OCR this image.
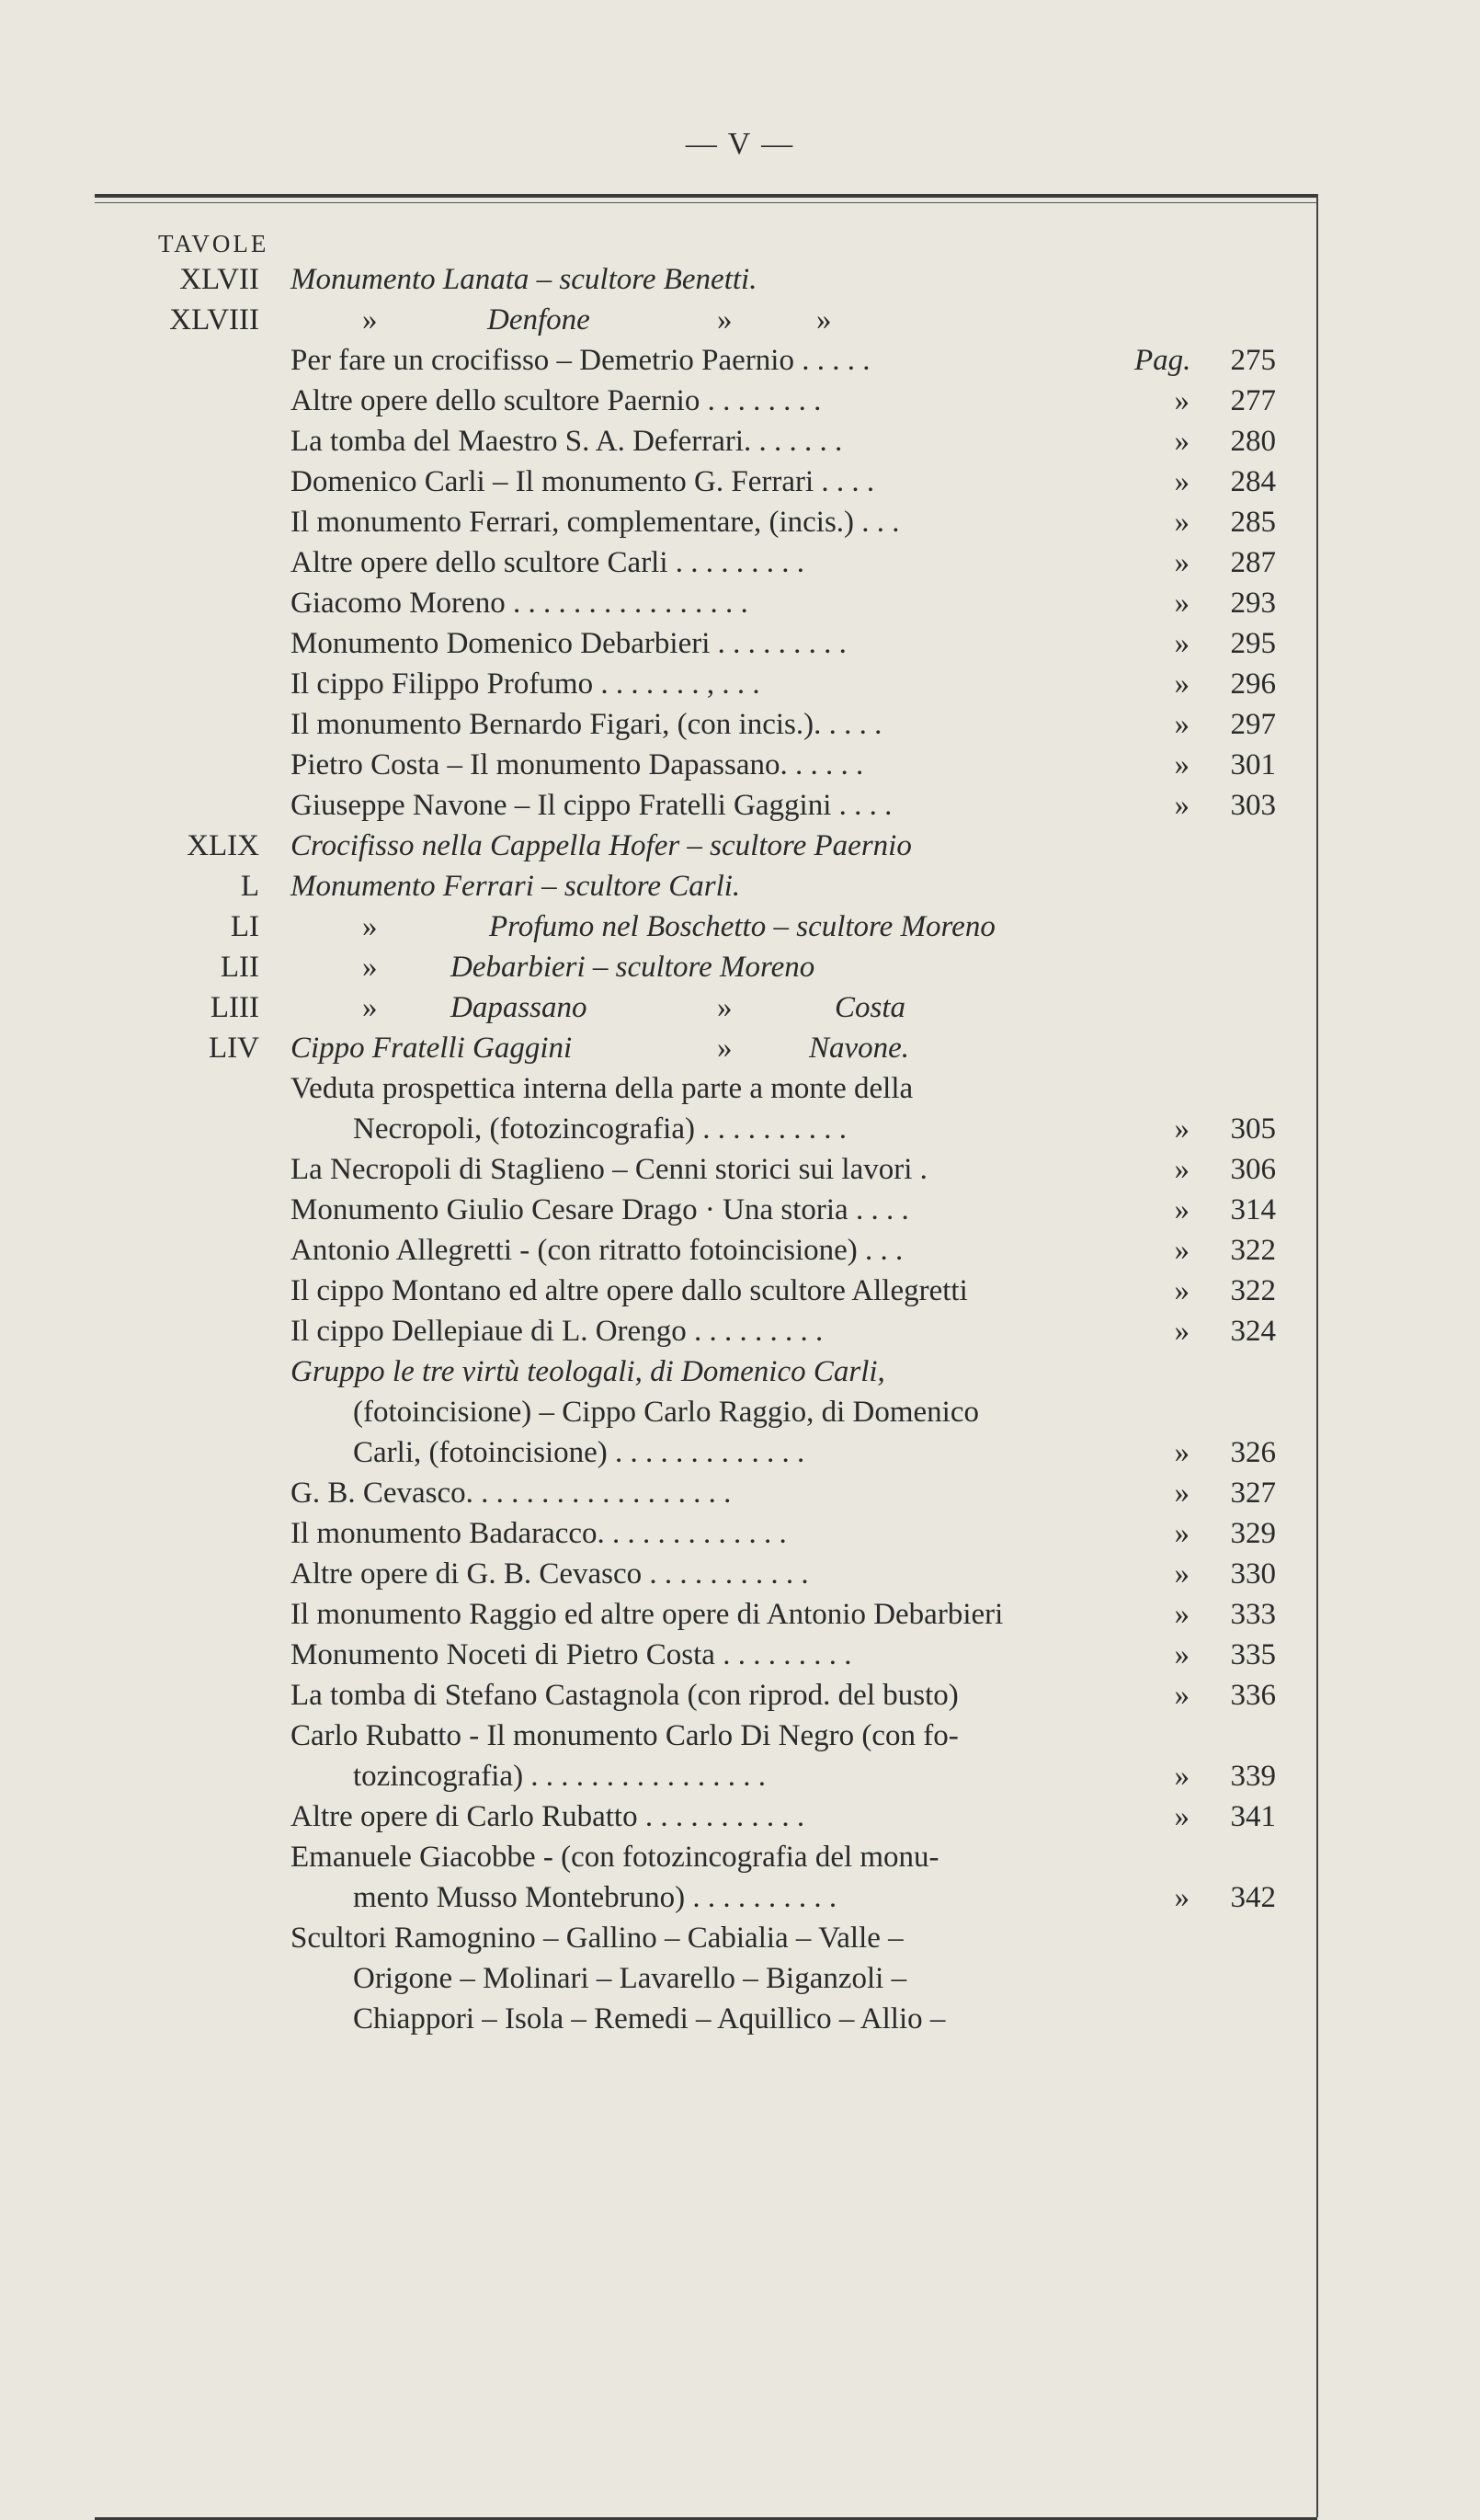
— V —
TAVOLE
XLVII Monumento Lanata – scultore Benetti.
XLVIII	»	Denfone	»	»
Per fare un crocifisso – Demetrio Paernio . . . . .	Pag.	275
Altre opere dello scultore Paernio . . . . . . . .	»	277
La tomba del Maestro S. A. Deferrari. . . . . . .	»	280
Domenico Carli – Il monumento G. Ferrari . . . .	»	284
Il monumento Ferrari, complementare, (incis.) . . .	»	285
Altre opere dello scultore Carli . . . . . . . . .	»	287
Giacomo Moreno . . . . . . . . . . . . . . . .	»	293
Monumento Domenico Debarbieri . . . . . . . . .	»	295
Il cippo Filippo Profumo . . . . . . . , . . .	»	296
Il monumento Bernardo Figari, (con incis.). . . . .	»	297
Pietro Costa – Il monumento Dapassano. . . . . .	»	301
Giuseppe Navone – Il cippo Fratelli Gaggini . . . .	»	303
XLIX Crocifisso nella Cappella Hofer – scultore Paernio
L Monumento Ferrari – scultore Carli.
LI	»	Profumo nel Boschetto – scultore Moreno
LII	» Debarbieri – scultore Moreno
LIII	» Dapassano	»	Costa
LIV Cippo Fratelli Gaggini	»	Navone.
Veduta prospettica interna della parte a monte della
Necropoli, (fotozincografia) . . . . . . . . . .	»	305
La Necropoli di Staglieno – Cenni storici sui lavori .	»	306
Monumento Giulio Cesare Drago · Una storia . . . .	»	314
Antonio Allegretti - (con ritratto fotoincisione) . . .	»	322
Il cippo Montano ed altre opere dallo scultore Allegretti	»	322
Il cippo Dellepiaue di L. Orengo . . . . . . . . .	»	324
Gruppo le tre virtù teologali, di Domenico Carli,
(fotoincisione) – Cippo Carlo Raggio, di Domenico
Carli, (fotoincisione) . . . . . . . . . . . . .	»	326
G. B. Cevasco. . . . . . . . . . . . . . . . . .	»	327
Il monumento Badaracco. . . . . . . . . . . . .	»	329
Altre opere di G. B. Cevasco . . . . . . . . . . .	»	330
Il monumento Raggio ed altre opere di Antonio Debarbieri	»	333
Monumento Noceti di Pietro Costa . . . . . . . . .	»	335
La tomba di Stefano Castagnola (con riprod. del busto)	»	336
Carlo Rubatto - Il monumento Carlo Di Negro (con fo-
tozincografia) . . . . . . . . . . . . . . . .	»	339
Altre opere di Carlo Rubatto . . . . . . . . . . .	»	341
Emanuele Giacobbe - (con fotozincografia del monu-
mento Musso Montebruno) . . . . . . . . . .	»	342
Scultori Ramognino – Gallino – Cabialia – Valle –
Origone – Molinari – Lavarello – Biganzoli –
Chiappori – Isola – Remedi – Aquillico – Allio –
